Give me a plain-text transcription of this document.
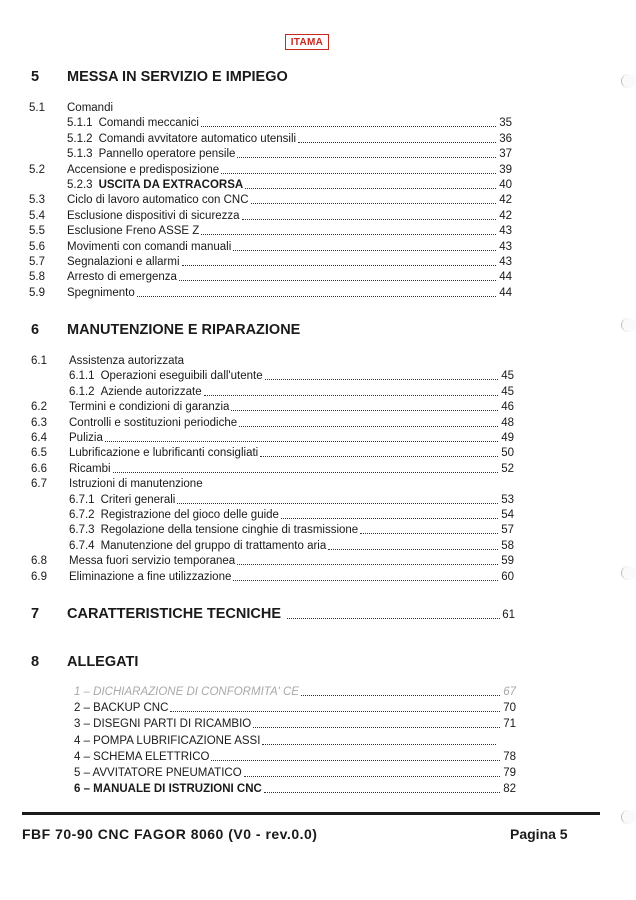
ITAMA
5	MESSA IN SERVIZIO E IMPIEGO
5.1 Comandi
5.1.1 Comandi meccanici	35
5.1.2 Comandi avvitatore automatico utensili	36
5.1.3 Pannello operatore pensile	37
5.2 Accensione e predisposizione	39
5.2.3 USCITA DA EXTRACORSA	40
5.3 Ciclo di lavoro automatico con CNC	42
5.4 Esclusione dispositivi di sicurezza	42
5.5 Esclusione Freno ASSE Z	43
5.6 Movimenti con comandi manuali	43
5.7 Segnalazioni e allarmi	43
5.8 Arresto di emergenza	44
5.9 Spegnimento	44
6	MANUTENZIONE E RIPARAZIONE
6.1 Assistenza autorizzata
6.1.1 Operazioni eseguibili dall'utente	45
6.1.2 Aziende autorizzate	45
6.2 Termini e condizioni di garanzia	46
6.3 Controlli e sostituzioni periodiche	48
6.4 Pulizia	49
6.5 Lubrificazione e lubrificanti consigliati	50
6.6 Ricambi	52
6.7 Istruzioni di manutenzione
6.7.1 Criteri generali	53
6.7.2 Registrazione del gioco delle guide	54
6.7.3 Regolazione della tensione cinghie di trasmissione	57
6.7.4 Manutenzione del gruppo di trattamento aria	58
6.8 Messa fuori servizio temporanea	59
6.9 Eliminazione a fine utilizzazione	60
7	CARATTERISTICHE TECNICHE	61
8	ALLEGATI
1 – DICHIARAZIONE DI CONFORMITA' CE	67
2 – BACKUP CNC	70
3 – DISEGNI PARTI DI RICAMBIO	71
4 – POMPA LUBRIFICAZIONE ASSI
4 – SCHEMA ELETTRICO	78
5 – AVVITATORE PNEUMATICO	79
6 – MANUALE DI ISTRUZIONI CNC	82
FBF 70-90 CNC FAGOR 8060 (V0 - rev.0.0)	Pagina 5
